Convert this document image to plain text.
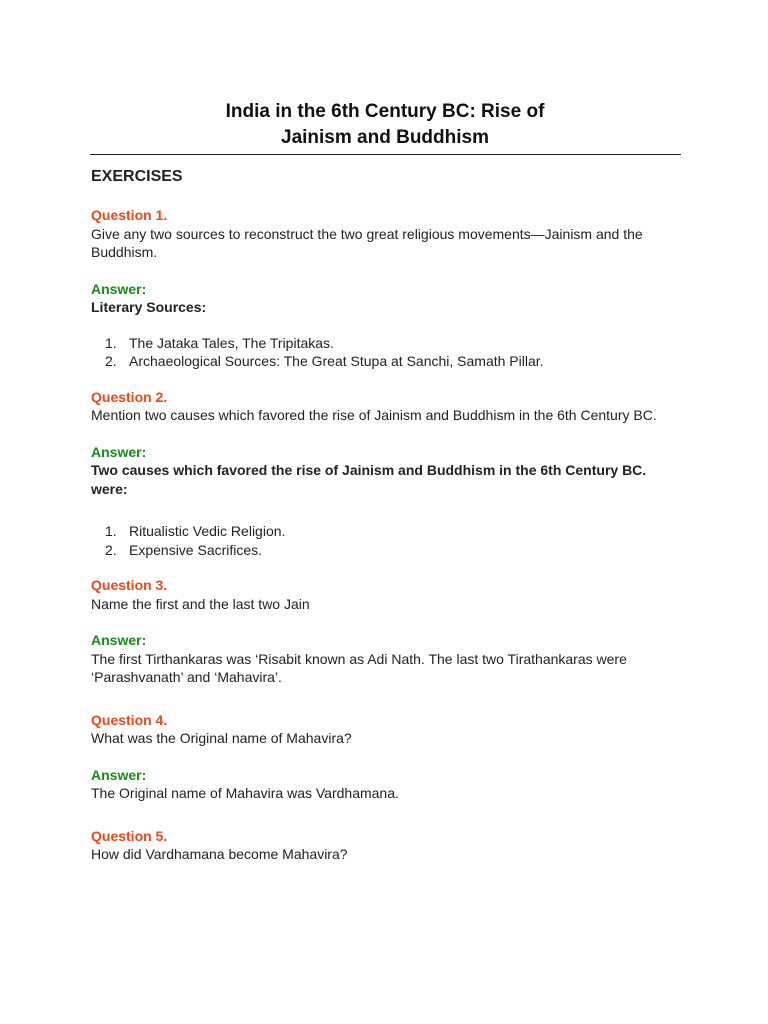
India in the 6th Century BC: Rise of
Jainism and Buddhism
EXERCISES
Question 1.
Give any two sources to reconstruct the two great religious movements—Jainism and the Buddhism.
Answer:
Literary Sources:
1. The Jataka Tales, The Tripitakas.
2. Archaeological Sources: The Great Stupa at Sanchi, Samath Pillar.
Question 2.
Mention two causes which favored the rise of Jainism and Buddhism in the 6th Century BC.
Answer:
Two causes which favored the rise of Jainism and Buddhism in the 6th Century BC. were:
1. Ritualistic Vedic Religion.
2. Expensive Sacrifices.
Question 3.
Name the first and the last two Jain
Answer:
The first Tirthankaras was ‘Risabit known as Adi Nath. The last two Tirathankaras were ‘Parashvanath’ and ‘Mahavira’.
Question 4.
What was the Original name of Mahavira?
Answer:
The Original name of Mahavira was Vardhamana.
Question 5.
How did Vardhamana become Mahavira?
